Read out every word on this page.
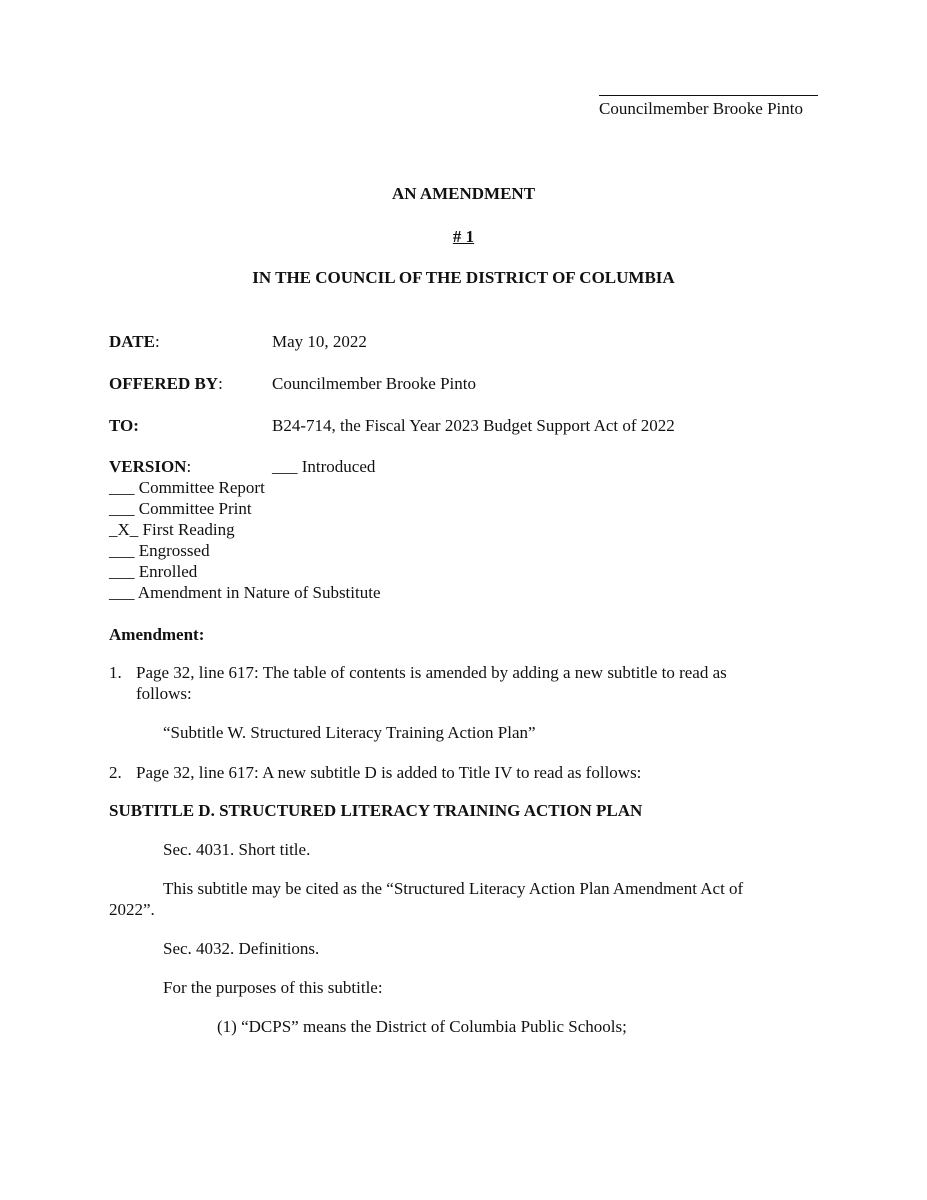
Councilmember Brooke Pinto
AN AMENDMENT
# 1
IN THE COUNCIL OF THE DISTRICT OF COLUMBIA
DATE:	May 10, 2022
OFFERED BY:	Councilmember Brooke Pinto
TO:	B24-714, the Fiscal Year 2023 Budget Support Act of 2022
VERSION:	___ Introduced
___ Committee Report
___ Committee Print
_X_ First Reading
___ Engrossed
___ Enrolled
___ Amendment in Nature of Substitute
Amendment:
1. Page 32, line 617: The table of contents is amended by adding a new subtitle to read as
follows:
“Subtitle W. Structured Literacy Training Action Plan”
2. Page 32, line 617: A new subtitle D is added to Title IV to read as follows:
SUBTITLE D. STRUCTURED LITERACY TRAINING ACTION PLAN
Sec. 4031. Short title.
This subtitle may be cited as the “Structured Literacy Action Plan Amendment Act of
2022”.
Sec. 4032. Definitions.
For the purposes of this subtitle:
(1) “DCPS” means the District of Columbia Public Schools;
